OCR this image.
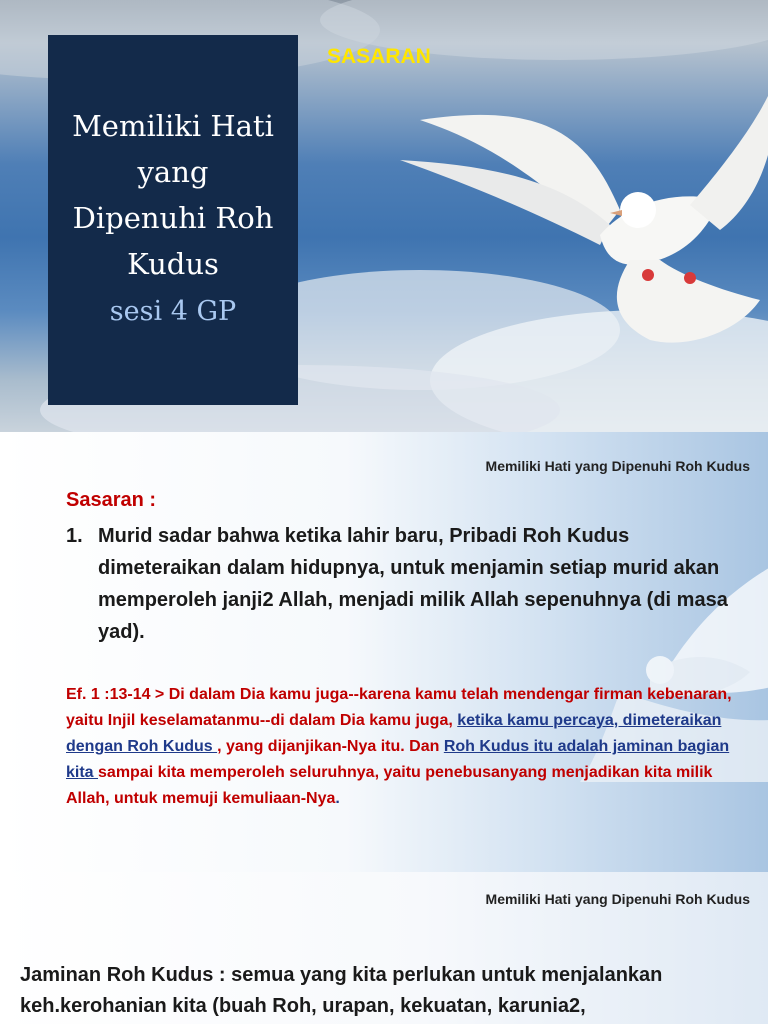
Memiliki Hati
yang
Dipenuhi Roh
Kudus
sesi 4 GP
SASARAN
Memiliki Hati yang Dipenuhi Roh Kudus
Sasaran :
1. Murid sadar bahwa ketika lahir baru, Pribadi Roh Kudus dimeteraikan dalam hidupnya, untuk menjamin setiap murid akan memperoleh janji2 Allah, menjadi milik Allah sepenuhnya (di masa yad).
Ef. 1 :13-14 > Di dalam Dia kamu juga--karena kamu telah mendengar firman kebenaran, yaitu Injil keselamatanmu--di dalam Dia kamu juga, ketika kamu percaya, dimeteraikan dengan Roh Kudus , yang dijanjikan-Nya itu. Dan Roh Kudus itu adalah jaminan bagian kita sampai kita memperoleh seluruhnya, yaitu penebusanyang menjadikan kita milik Allah, untuk memuji kemuliaan-Nya.
Memiliki Hati yang Dipenuhi Roh Kudus
Jaminan Roh Kudus : semua yang kita perlukan untuk menjalankan keh.kerohanian kita (buah Roh, urapan, kekuatan, karunia2,
